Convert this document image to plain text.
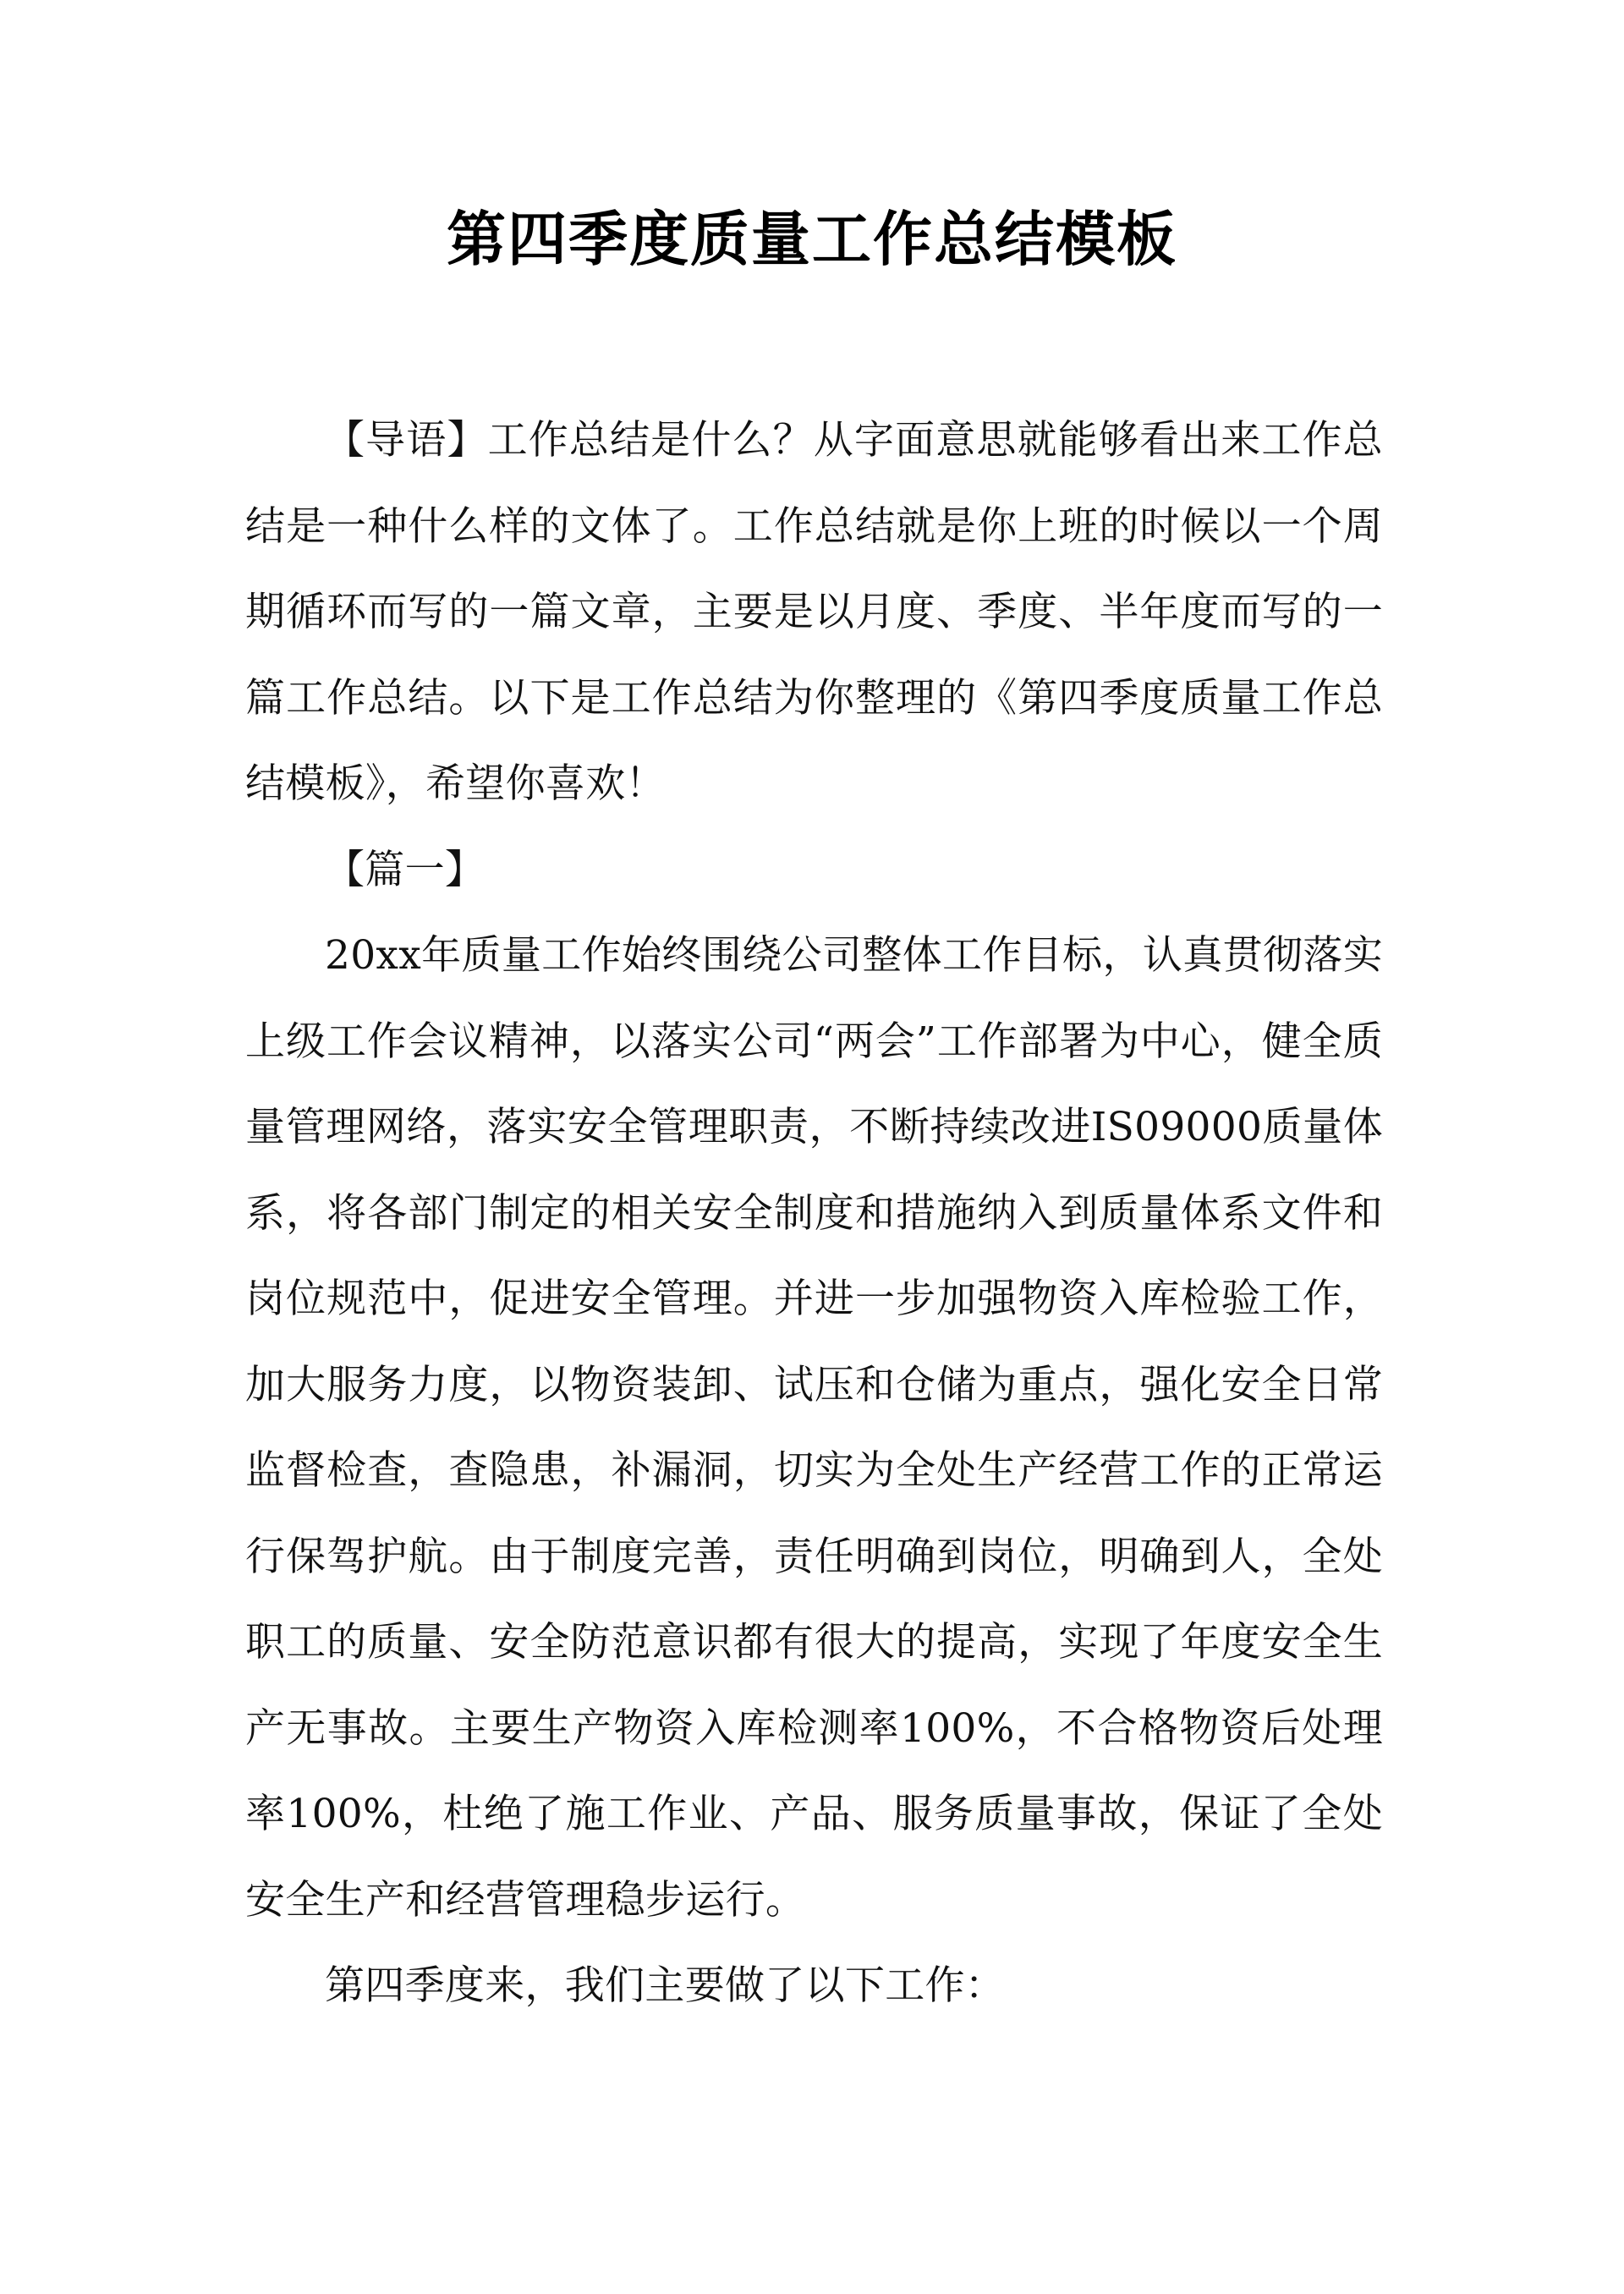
第四季度质量工作总结模板

【导语】工作总结是什么？从字面意思就能够看出来工作总结是一种什么样的文体了。工作总结就是你上班的时候以一个周期循环而写的一篇文章，主要是以月度、季度、半年度而写的一篇工作总结。以下是工作总结为你整理的《第四季度质量工作总结模板》，希望你喜欢！

【篇一】

20xx年质量工作始终围绕公司整体工作目标，认真贯彻落实上级工作会议精神，以落实公司“两会”工作部署为中心，健全质量管理网络，落实安全管理职责，不断持续改进IS09000质量体系，将各部门制定的相关安全制度和措施纳入到质量体系文件和岗位规范中，促进安全管理。并进一步加强物资入库检验工作，加大服务力度，以物资装卸、试压和仓储为重点，强化安全日常监督检查，查隐患，补漏洞，切实为全处生产经营工作的正常运行保驾护航。由于制度完善，责任明确到岗位，明确到人，全处职工的质量、安全防范意识都有很大的提高，实现了年度安全生产无事故。主要生产物资入库检测率100%，不合格物资后处理率100%，杜绝了施工作业、产品、服务质量事故，保证了全处安全生产和经营管理稳步运行。

第四季度来，我们主要做了以下工作：
